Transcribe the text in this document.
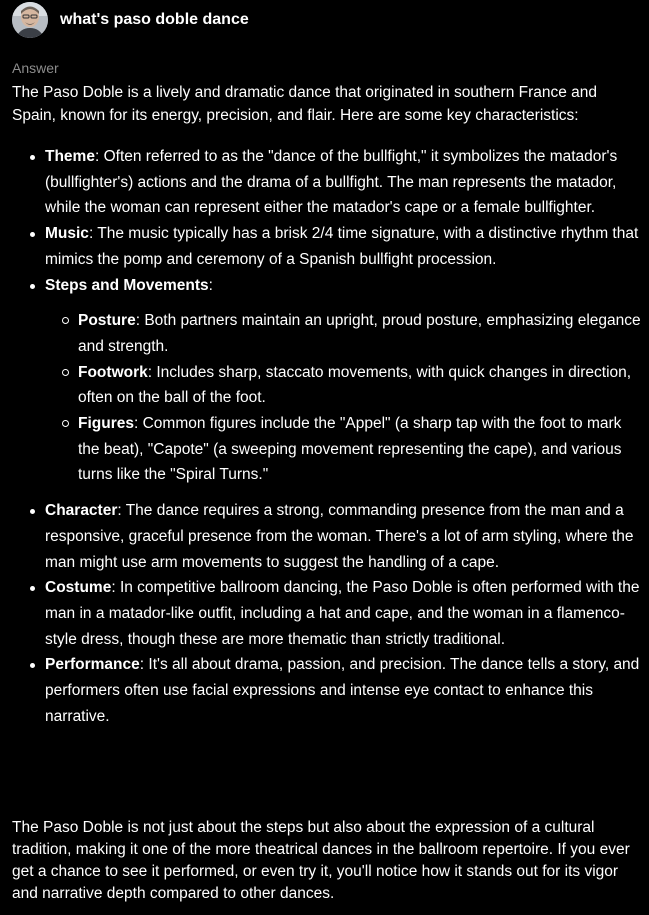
what's paso doble dance
Answer

The Paso Doble is a lively and dramatic dance that originated in southern France and Spain, known for its energy, precision, and flair. Here are some key characteristics:

Theme: Often referred to as the "dance of the bullfight," it symbolizes the matador's (bullfighter's) actions and the drama of a bullfight. The man represents the matador, while the woman can represent either the matador's cape or a female bullfighter.
Music: The music typically has a brisk 2/4 time signature, with a distinctive rhythm that mimics the pomp and ceremony of a Spanish bullfight procession.
Steps and Movements:
Posture: Both partners maintain an upright, proud posture, emphasizing elegance and strength.
Footwork: Includes sharp, staccato movements, with quick changes in direction, often on the ball of the foot.
Figures: Common figures include the "Appel" (a sharp tap with the foot to mark the beat), "Capote" (a sweeping movement representing the cape), and various turns like the "Spiral Turns."
Character: The dance requires a strong, commanding presence from the man and a responsive, graceful presence from the woman. There's a lot of arm styling, where the man might use arm movements to suggest the handling of a cape.
Costume: In competitive ballroom dancing, the Paso Doble is often performed with the man in a matador-like outfit, including a hat and cape, and the woman in a flamenco-style dress, though these are more thematic than strictly traditional.
Performance: It's all about drama, passion, and precision. The dance tells a story, and performers often use facial expressions and intense eye contact to enhance this narrative.

The Paso Doble is not just about the steps but also about the expression of a cultural tradition, making it one of the more theatrical dances in the ballroom repertoire. If you ever get a chance to see it performed, or even try it, you'll notice how it stands out for its vigor and narrative depth compared to other dances.
